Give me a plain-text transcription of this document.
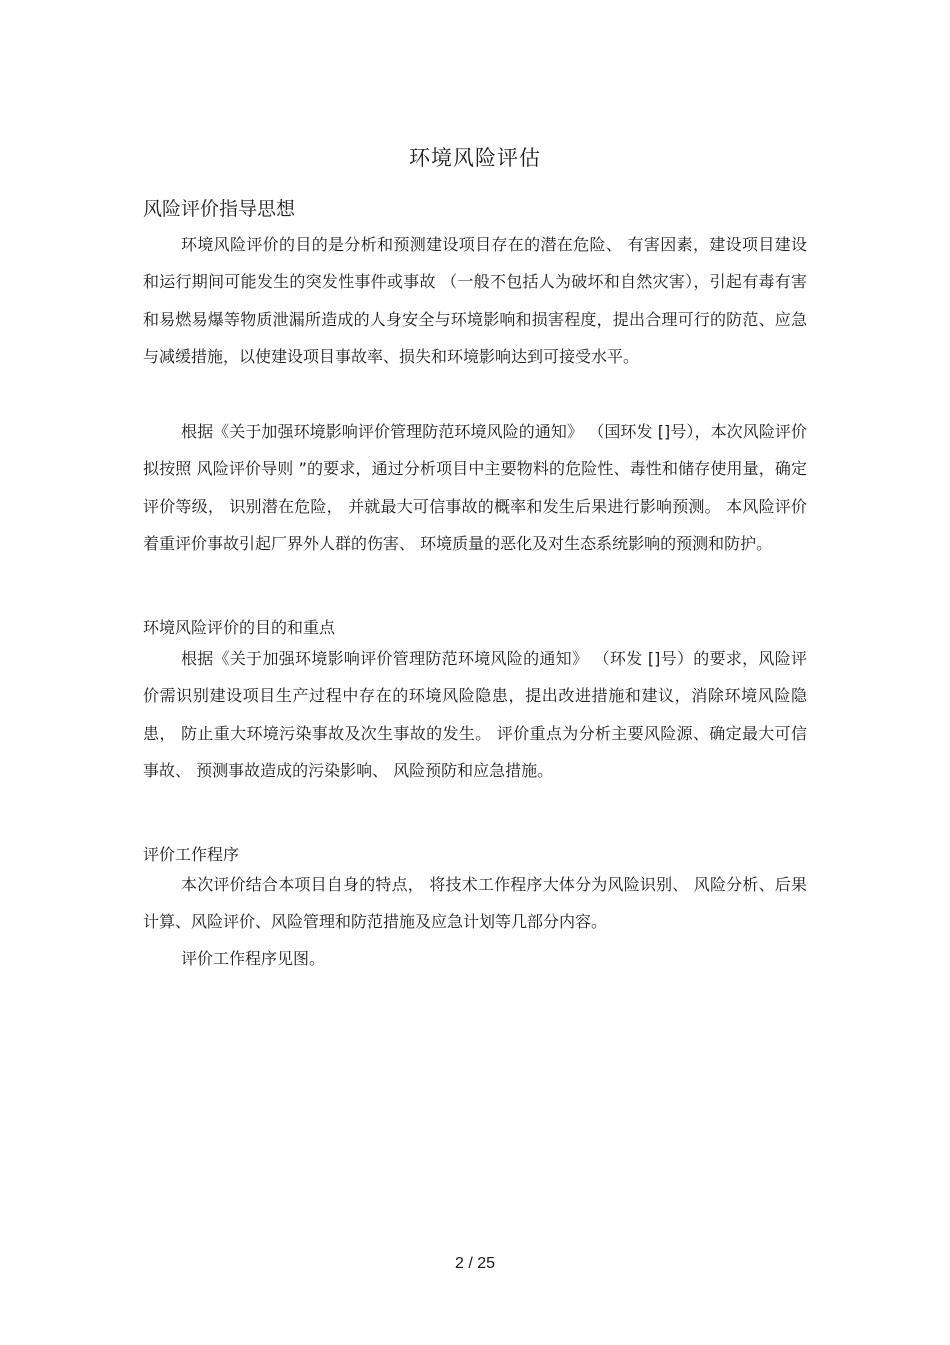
环境风险评估
风险评价指导思想

环境风险评价的目的是分析和预测建设项目存在的潜在危险、 有害因素，建设项目建设和运行期间可能发生的突发性事件或事故 （一般不包括人为破坏和自然灾害），引起有毒有害和易燃易爆等物质泄漏所造成的人身安全与环境影响和损害程度，提出合理可行的防范、应急与减缓措施，以使建设项目事故率、损失和环境影响达到可接受水平。

根据《关于加强环境影响评价管理防范环境风险的通知》 （国环发 []号），本次风险评价拟按照 风险评价导则 ”的要求，通过分析项目中主要物料的危险性、毒性和储存使用量，确定评价等级， 识别潜在危险， 并就最大可信事故的概率和发生后果进行影响预测。 本风险评价着重评价事故引起厂界外人群的伤害、 环境质量的恶化及对生态系统影响的预测和防护。

环境风险评价的目的和重点

根据《关于加强环境影响评价管理防范环境风险的通知》 （环发 []号）的要求，风险评价需识别建设项目生产过程中存在的环境风险隐患，提出改进措施和建议，消除环境风险隐患， 防止重大环境污染事故及次生事故的发生。 评价重点为分析主要风险源、确定最大可信事故、 预测事故造成的污染影响、 风险预防和应急措施。

评价工作程序

本次评价结合本项目自身的特点， 将技术工作程序大体分为风险识别、 风险分析、后果计算、风险评价、风险管理和防范措施及应急计划等几部分内容。

评价工作程序见图。

2 / 25
